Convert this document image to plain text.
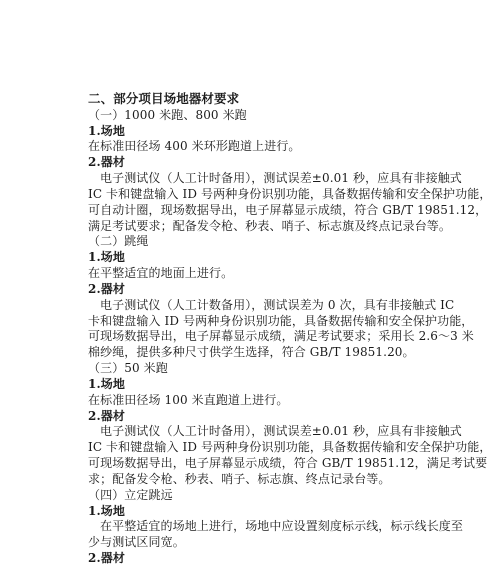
二、部分项目场地器材要求
（一）1000 米跑、800 米跑
1.场地
在标准田径场 400 米环形跑道上进行。
2.器材
电子测试仪（人工计时备用），测试误差±0.01 秒，应具有非接触式
IC 卡和键盘输入 ID 号两种身份识别功能，具备数据传输和安全保护功能，
可自动计圈，现场数据导出，电子屏幕显示成绩，符合 GB/T 19851.12，
满足考试要求；配备发令枪、秒表、哨子、标志旗及终点记录台等。
（二）跳绳
1.场地
在平整适宜的地面上进行。
2.器材
电子测试仪（人工计数备用），测试误差为 0 次，具有非接触式 IC
卡和键盘输入 ID 号两种身份识别功能，具备数据传输和安全保护功能，
可现场数据导出，电子屏幕显示成绩，满足考试要求；采用长 2.6～3 米
棉纱绳，提供多种尺寸供学生选择，符合 GB/T 19851.20。
（三）50 米跑
1.场地
在标准田径场 100 米直跑道上进行。
2.器材
电子测试仪（人工计时备用），测试误差±0.01 秒，应具有非接触式
IC 卡和键盘输入 ID 号两种身份识别功能，具备数据传输和安全保护功能，
可现场数据导出，电子屏幕显示成绩，符合 GB/T 19851.12，满足考试要
求；配备发令枪、秒表、哨子、标志旗、终点记录台等。
（四）立定跳远
1.场地
在平整适宜的场地上进行，场地中应设置刻度标示线，标示线长度至
少与测试区同宽。
2.器材
